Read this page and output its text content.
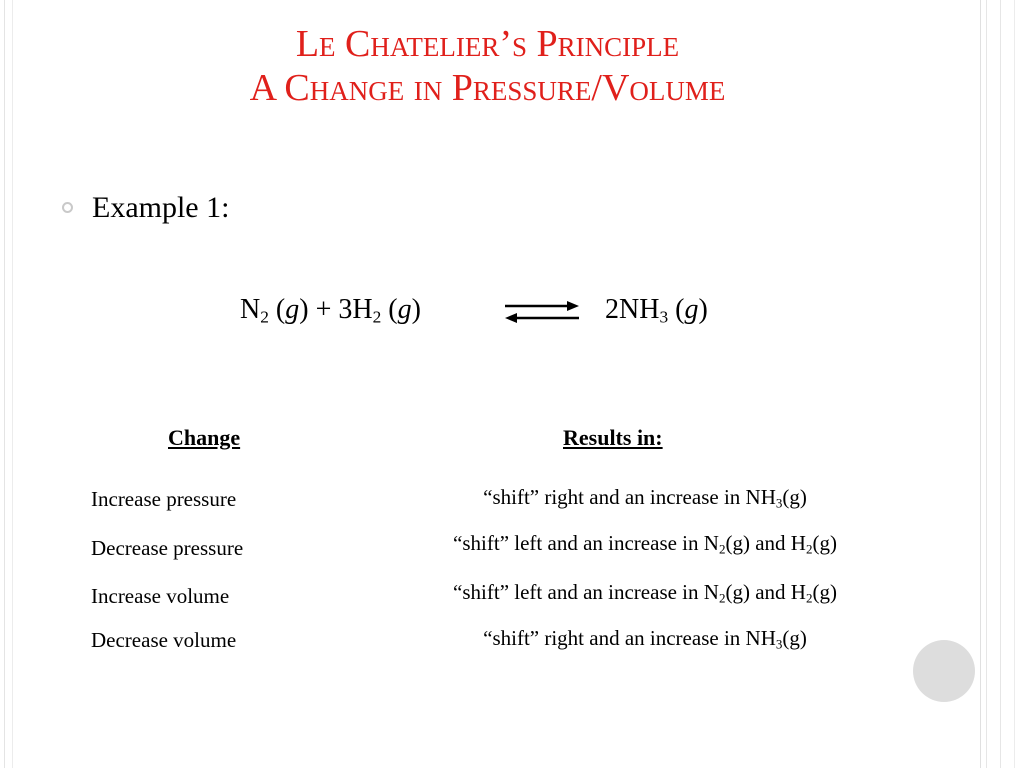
Le Chatelier’s Principle
A Change in Pressure/Volume
Example 1:
$N_2$ $(g) + 3H_2$ (g)	⇌ $2NH_3$ (g)
Change	Results in:
Increase pressure	“shift” right and an increase in $NH_3(g)$
Decrease pressure	“shift” left and an increase in $N_2(g)$ and $H_2(g)$
Increase volume	“shift” left and an increase in $N_2(g)$ and $H_2(g)$
Decrease volume	“shift” right and an increase in $NH_3(g)$
